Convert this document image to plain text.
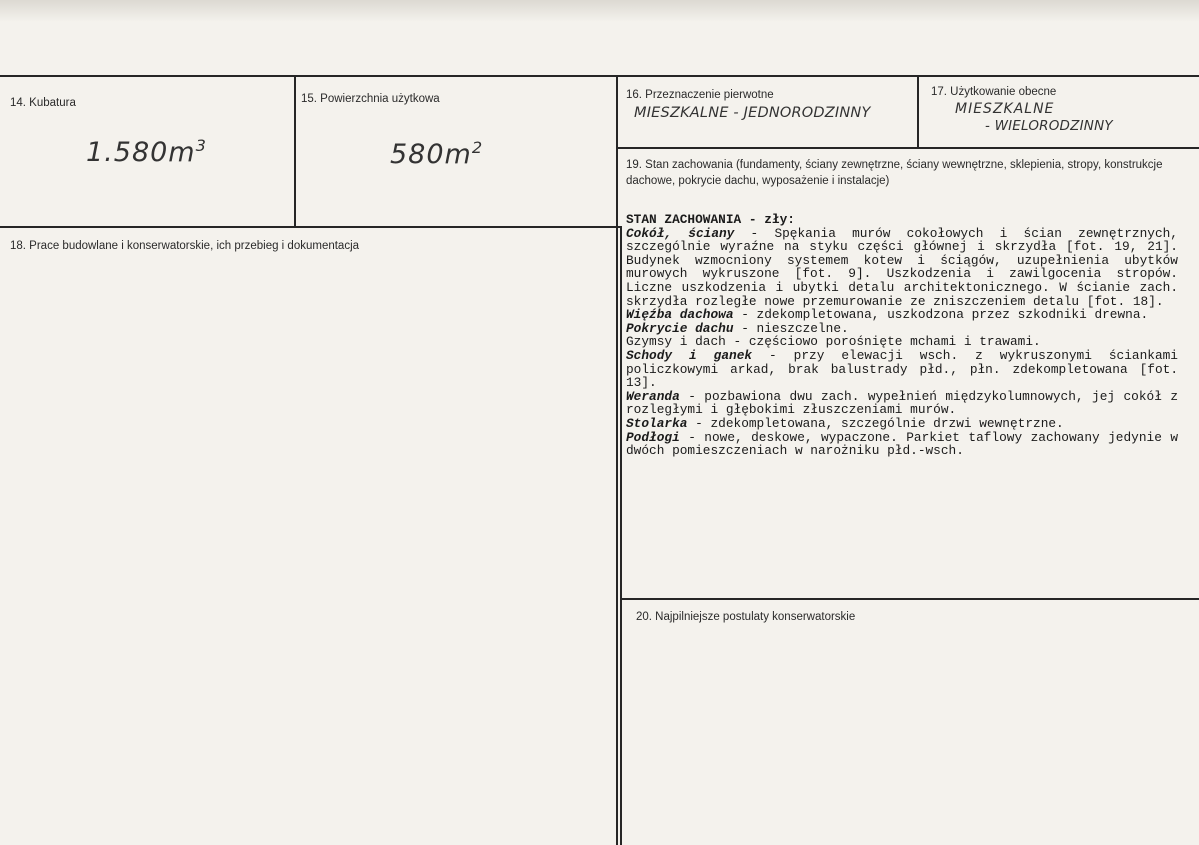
14. Kubatura
$1.580m^3$
15. Powierzchnia użytkowa
$580m^2$
16. Przeznaczenie pierwotne
MIESZKALNE - JEDNORODZINNY
17. Użytkowanie obecne
MIESZKALNE
- WIELORODZINNY
18. Prace budowlane i konserwatorskie, ich przebieg i dokumentacja
19. Stan zachowania (fundamenty, ściany zewnętrzne, ściany wewnętrzne, sklepienia, stropy, konstrukcje dachowe, pokrycie dachu, wyposażenie i instalacje)

STAN ZACHOWANIA - zły:

Cokół, ściany - Spękania murów cokołowych i ścian zewnętrznych, szczególnie wyraźne na styku części głównej i skrzydła [fot. 19, 21]. Budynek wzmocniony systemem kotew i ściągów, uzupełnienia ubytków murowych wykruszone [fot. 9]. Uszkodzenia i zawilgocenia stropów. Liczne uszkodzenia i ubytki detalu architektonicznego. W ścianie zach. skrzydła rozległe nowe przemurowanie ze zniszczeniem detalu [fot. 18].

Więźba dachowa - zdekompletowana, uszkodzona przez szkodniki drewna.

Pokrycie dachu - nieszczelne.

Gzymsy i dach - częściowo porośnięte mchami i trawami.

Schody i ganek - przy elewacji wsch. z wykruszonymi ściankami policzkowymi arkad, brak balustrady płd., płn. zdekompletowana [fot. 13].

Weranda - pozbawiona dwu zach. wypełnień międzykolumnowych, jej cokół z rozległymi i głębokimi złuszczeniami murów.

Stolarka - zdekompletowana, szczególnie drzwi wewnętrzne.

Podłogi - nowe, deskowe, wypaczone. Parkiet taflowy zachowany jedynie w dwóch pomieszczeniach w narożniku płd.-wsch.

20. Najpilniejsze postulaty konserwatorskie
